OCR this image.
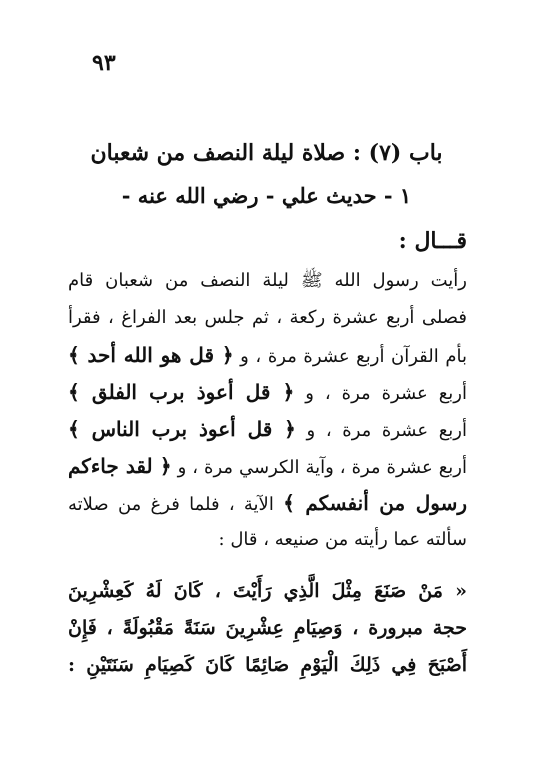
٩٣
باب (٧) : صلاة ليلة النصف من شعبان
١ - حديث علي - رضي الله عنه -
قـــال :
رأيت رسول الله ﷺ ليلة النصف من شعبان قام
فصلى أربع عشرة ركعة ، ثم جلس بعد الفراغ ، فقرأ
بأم القرآن أربع عشرة مرة ، و ﴿ قل هو الله أحد ﴾
أربع عشرة مرة ، و ﴿ قل أعوذ برب الفلق ﴾
أربع عشرة مرة ، و ﴿ قل أعوذ برب الناس ﴾
أربع عشرة مرة ، وآية الكرسي مرة ، و ﴿ لقد جاءكم
رسول من أنفسكم ﴾ الآية ، فلما فرغ من صلاته
سألته عما رأيته من صنيعه ، قال :
« مَنْ صَنَعَ مِثْلَ الَّذِي رَأَيْتَ ، كَانَ لَهُ كَعِشْرِينَ
حجة مبرورة ، وَصِيَامِ عِشْرِينَ سَنَةً مَقْبُولَةً ، فَإِنْ
أَصْبَحَ فِي ذَلِكَ الْيَوْمِ صَائِمًا كَانَ كَصِيَامِ سَنَتَيْنِ :
